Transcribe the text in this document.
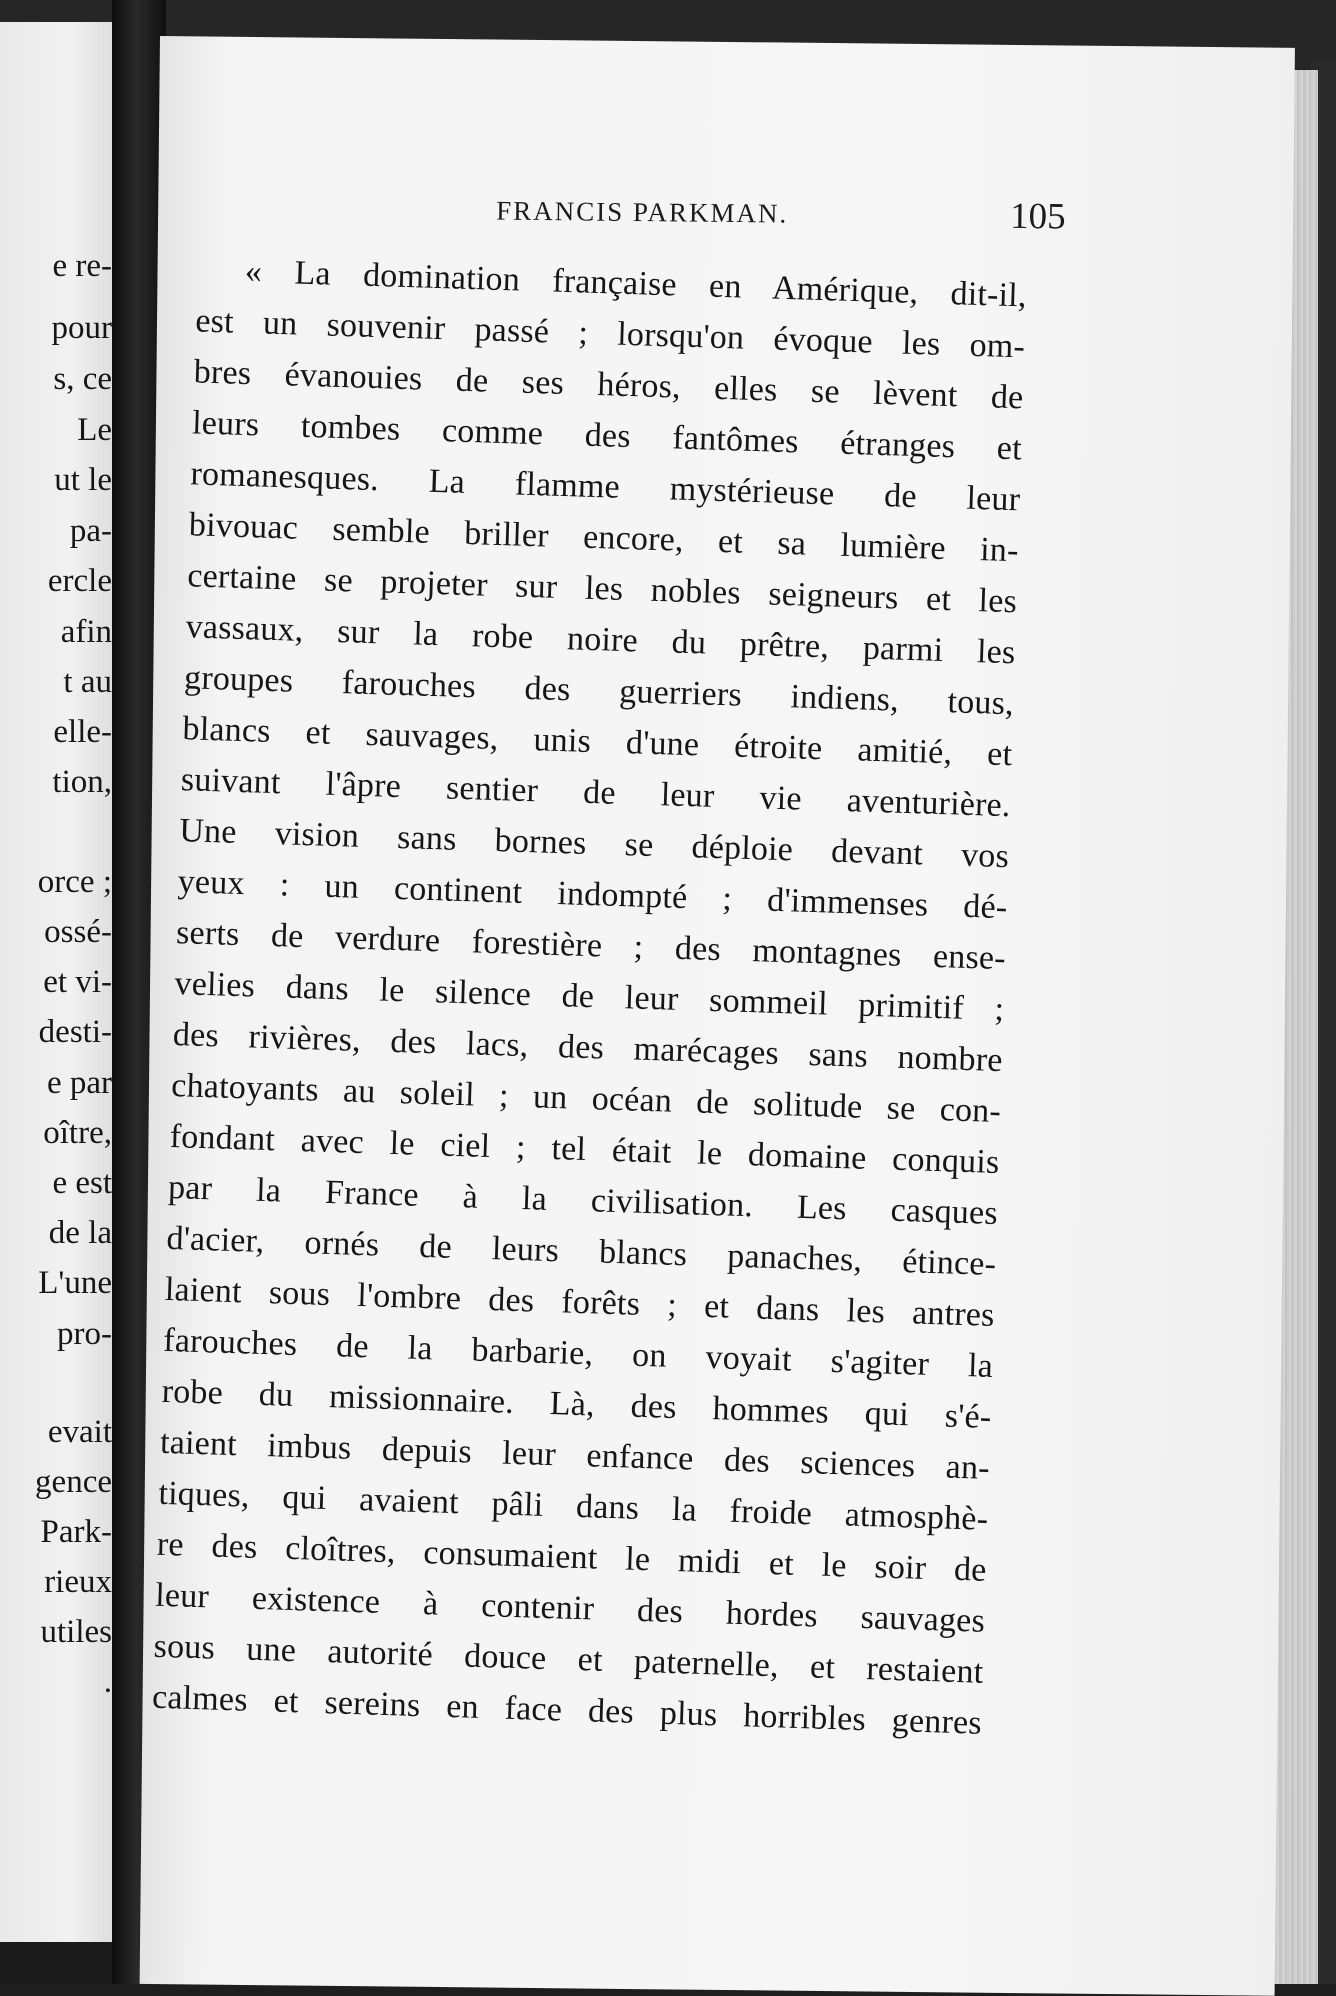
e re-
pour
s, ce
Le
ut le
pa-
ercle
afin
t au
elle-
tion,
orce ;
ossé-
et vi-
desti-
e par
oître,
e est
de la
L'une
pro-
evait
gence
Park-
rieux
utiles
.
FRANCIS PARKMAN.	105
« La domination française en Amérique, dit-il,
est un souvenir passé ; lorsqu'on évoque les om-
bres évanouies de ses héros, elles se lèvent de
leurs tombes comme des fantômes étranges et
romanesques. La flamme mystérieuse de leur
bivouac semble briller encore, et sa lumière in-
certaine se projeter sur les nobles seigneurs et les
vassaux, sur la robe noire du prêtre, parmi les
groupes farouches des guerriers indiens, tous,
blancs et sauvages, unis d'une étroite amitié, et
suivant l'âpre sentier de leur vie aventurière.
Une vision sans bornes se déploie devant vos
yeux : un continent indompté ; d'immenses dé-
serts de verdure forestière ; des montagnes ense-
velies dans le silence de leur sommeil primitif ;
des rivières, des lacs, des marécages sans nombre
chatoyants au soleil ; un océan de solitude se con-
fondant avec le ciel ; tel était le domaine conquis
par la France à la civilisation. Les casques
d'acier, ornés de leurs blancs panaches, étince-
laient sous l'ombre des forêts ; et dans les antres
farouches de la barbarie, on voyait s'agiter la
robe du missionnaire. Là, des hommes qui s'é-
taient imbus depuis leur enfance des sciences an-
tiques, qui avaient pâli dans la froide atmosphè-
re des cloîtres, consumaient le midi et le soir de
leur existence à contenir des hordes sauvages
sous une autorité douce et paternelle, et restaient
calmes et sereins en face des plus horribles genres
